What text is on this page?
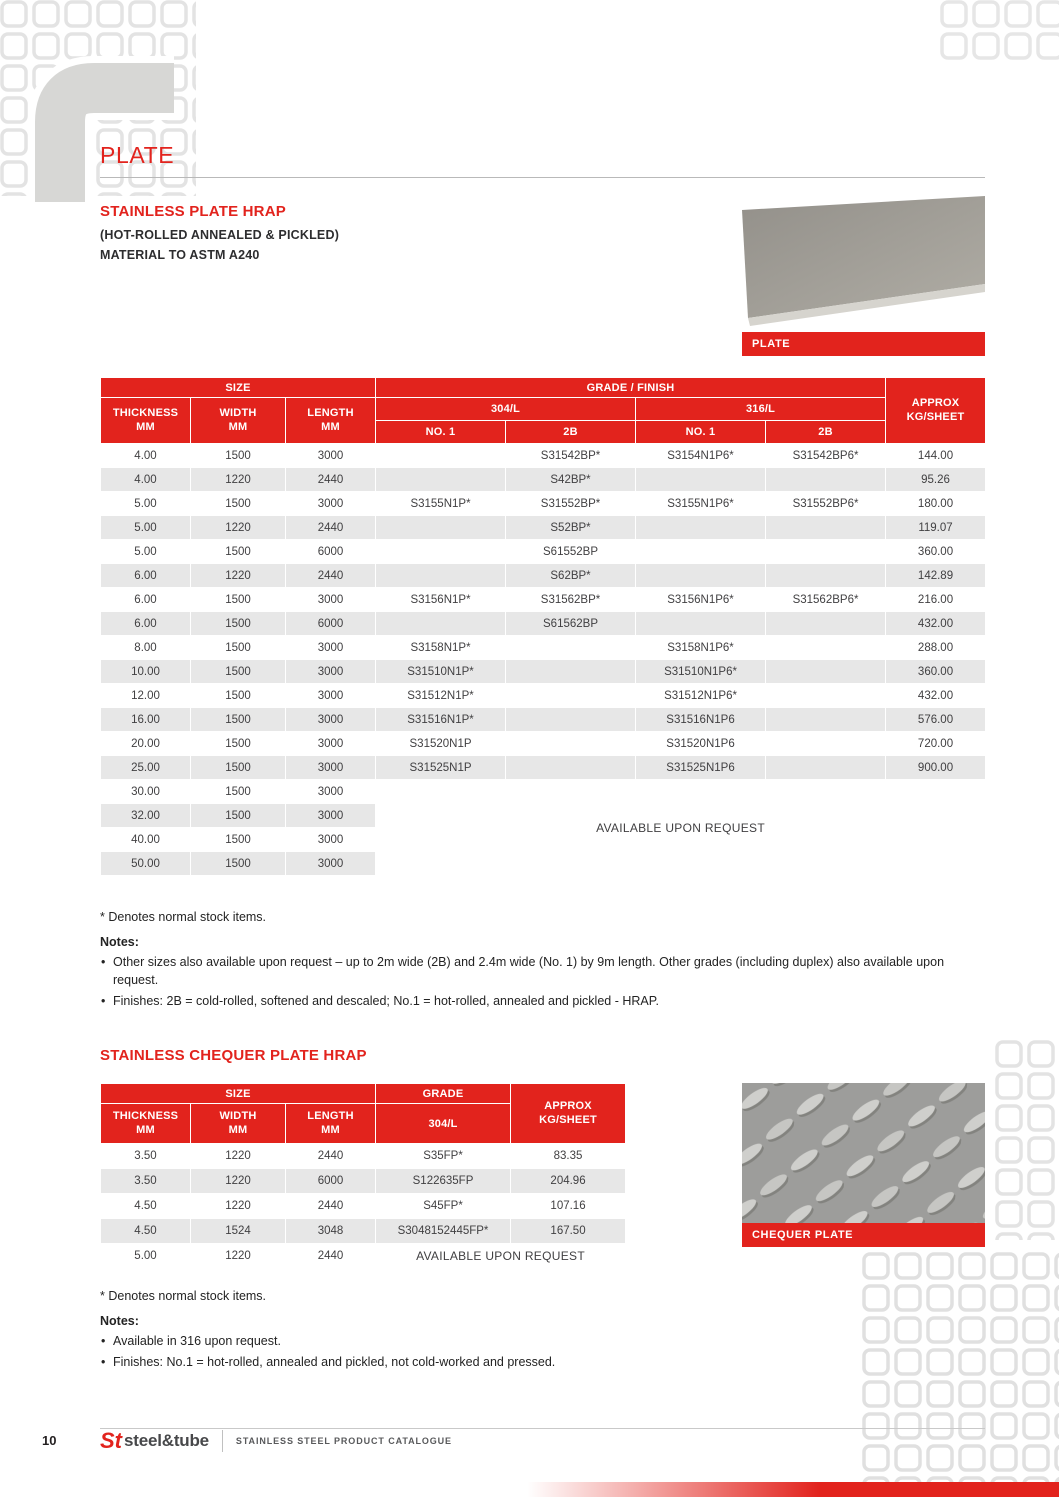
PLATE
STAINLESS PLATE HRAP
(HOT-ROLLED ANNEALED & PICKLED)
MATERIAL TO ASTM A240
PLATE
SIZE			GRADE / FINISH				APPROX
KG/SHEET

THICKNESS
MM	WIDTH
MM	LENGTH
MM	304/L		316/L		
			NO. 1	2B	NO. 1	2B	
4.00	1500	3000		S31542BP*	S3154N1P6*	S31542BP6*	144.00
4.00	1220	2440		S42BP*			95.26
5.00	1500	3000	S3155N1P*	S31552BP*	S3155N1P6*	S31552BP6*	180.00
5.00	1220	2440		S52BP*			119.07
5.00	1500	6000		S61552BP			360.00
6.00	1220	2440		S62BP*			142.89
6.00	1500	3000	S3156N1P*	S31562BP*	S3156N1P6*	S31562BP6*	216.00
6.00	1500	6000		S61562BP			432.00
8.00	1500	3000	S3158N1P*		S3158N1P6*		288.00
10.00	1500	3000	S31510N1P*		S31510N1P6*		360.00
12.00	1500	3000	S31512N1P*		S31512N1P6*		432.00
16.00	1500	3000	S31516N1P*		S31516N1P6		576.00
20.00	1500	3000	S31520N1P		S31520N1P6		720.00
25.00	1500	3000	S31525N1P		S31525N1P6		900.00
30.00	1500	3000	AVAILABLE UPON REQUEST				
32.00	1500	3000					
40.00	1500	3000					
50.00	1500	3000					
* Denotes normal stock items.
Notes:
• Other sizes also available upon request – up to 2m wide (2B) and 2.4m wide (No. 1) by 9m length. Other grades (including duplex) also available upon request.
• Finishes: 2B = cold-rolled, softened and descaled; No.1 = hot-rolled, annealed and pickled - HRAP.
STAINLESS CHEQUER PLATE HRAP
SIZE			GRADE	APPROX
KG/SHEET

THICKNESS
MM	WIDTH
MM	LENGTH
MM	304/L	
3.50	1220	2440	S35FP*	83.35
3.50	1220	6000	S122635FP	204.96
4.50	1220	2440	S45FP*	107.16
4.50	1524	3048	S3048152445FP*	167.50
5.00	1220	2440	AVAILABLE UPON REQUEST	
CHEQUER PLATE
* Denotes normal stock items.
Notes:
• Available in 316 upon request.
• Finishes: No.1 = hot-rolled, annealed and pickled, not cold-worked and pressed.
10 St steel&tube	STAINLESS STEEL PRODUCT CATALOGUE
